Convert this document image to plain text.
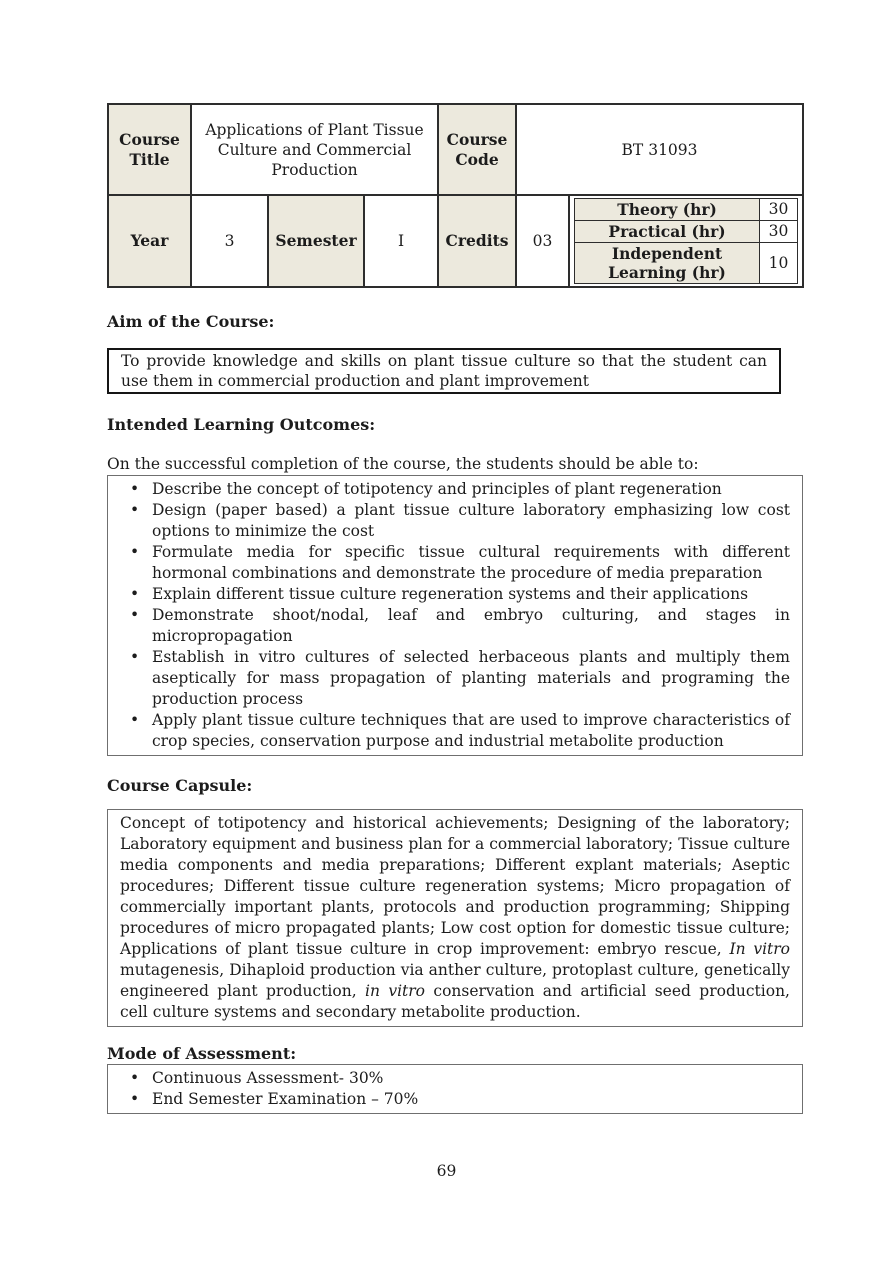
Course Title	Applications of Plant Tissue Culture and Commercial Production	Course Code	BT 31093
Year	3	Semester	I	Credits	03	
Theory (hr)	30
Practical (hr)	30
Independent Learning (hr)	10
Aim of the Course:

To provide knowledge and skills on plant tissue culture so that the student can use them in commercial production and plant improvement

Intended Learning Outcomes:

On the successful completion of the course, the students should be able to:

• Describe the concept of totipotency and principles of plant regeneration
• Design (paper based) a plant tissue culture laboratory emphasizing low cost options to minimize the cost
• Formulate media for specific tissue cultural requirements with different hormonal combinations and demonstrate the procedure of media preparation
• Explain different tissue culture regeneration systems and their applications
• Demonstrate shoot/nodal, leaf and embryo culturing, and stages in micropropagation
• Establish in vitro cultures of selected herbaceous plants and multiply them aseptically for mass propagation of planting materials and programing the production process
• Apply plant tissue culture techniques that are used to improve characteristics of crop species, conservation purpose and industrial metabolite production
Course Capsule:

Concept of totipotency and historical achievements; Designing of the laboratory; Laboratory equipment and business plan for a commercial laboratory; Tissue culture media components and media preparations; Different explant materials; Aseptic procedures; Different tissue culture regeneration systems; Micro propagation of commercially important plants, protocols and production programming; Shipping procedures of micro propagated plants; Low cost option for domestic tissue culture; Applications of plant tissue culture in crop improvement: embryo rescue, In vitro mutagenesis, Dihaploid production via anther culture, protoplast culture, genetically engineered plant production, in vitro conservation and artificial seed production, cell culture systems and secondary metabolite production.

Mode of Assessment:
• Continuous Assessment- 30%
• End Semester Examination – 70%
69
